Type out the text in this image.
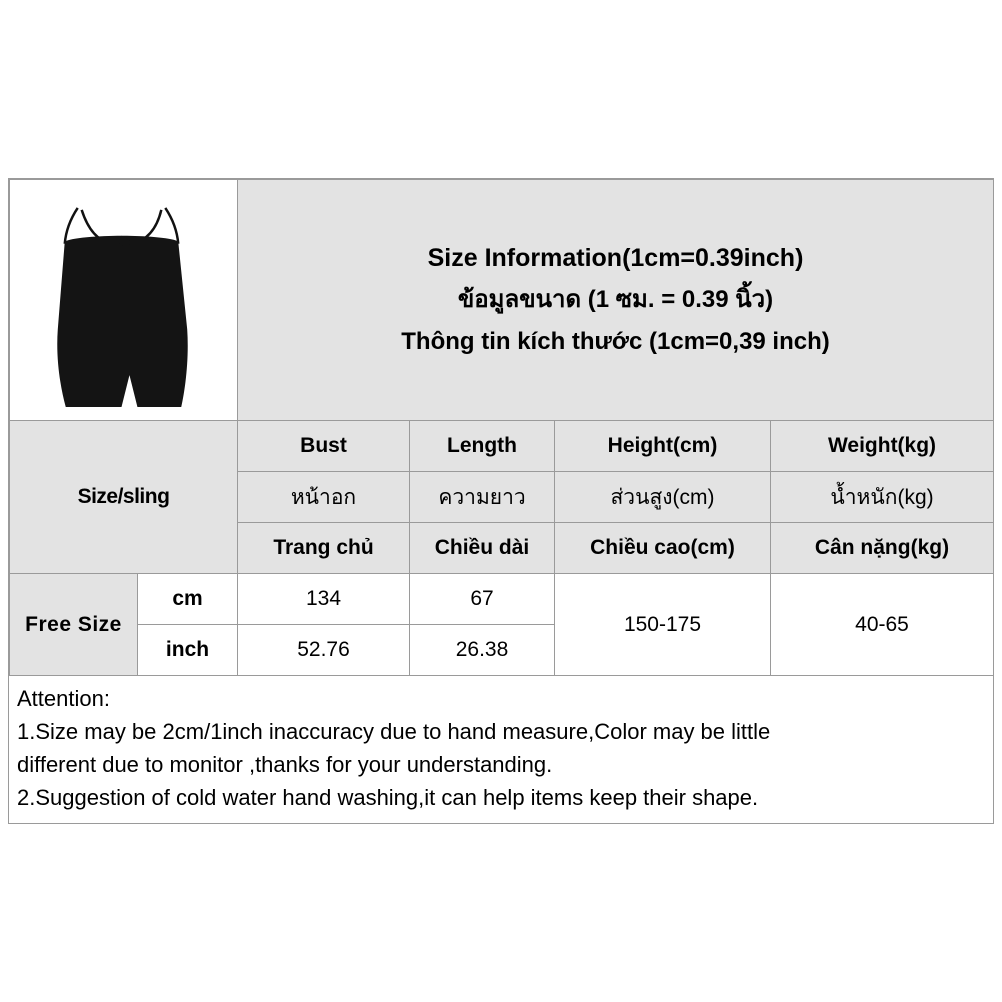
Size Information(1cm=0.39inch)
ข้อมูลขนาด (1 ซม. = 0.39 นิ้ว)
Thông tin kích thước (1cm=0,39 inch)			

Size/sling		Bust	Length	Height(cm)	Weight(kg)
		หน้าอก	ความยาว	ส่วนสูง(cm)	น้ำหนัก(kg)
		Trang chủ	Chiều dài	Chiều cao(cm)	Cân nặng(kg)
Free Size	cm	134	67	150-175	40-65
	inch	52.76	26.38		
Attention:
1.Size may be 2cm/1inch inaccuracy due to hand measure,Color may be little
different due to monitor ,thanks for your understanding.
2.Suggestion of cold water hand washing,it can help items keep their shape.
